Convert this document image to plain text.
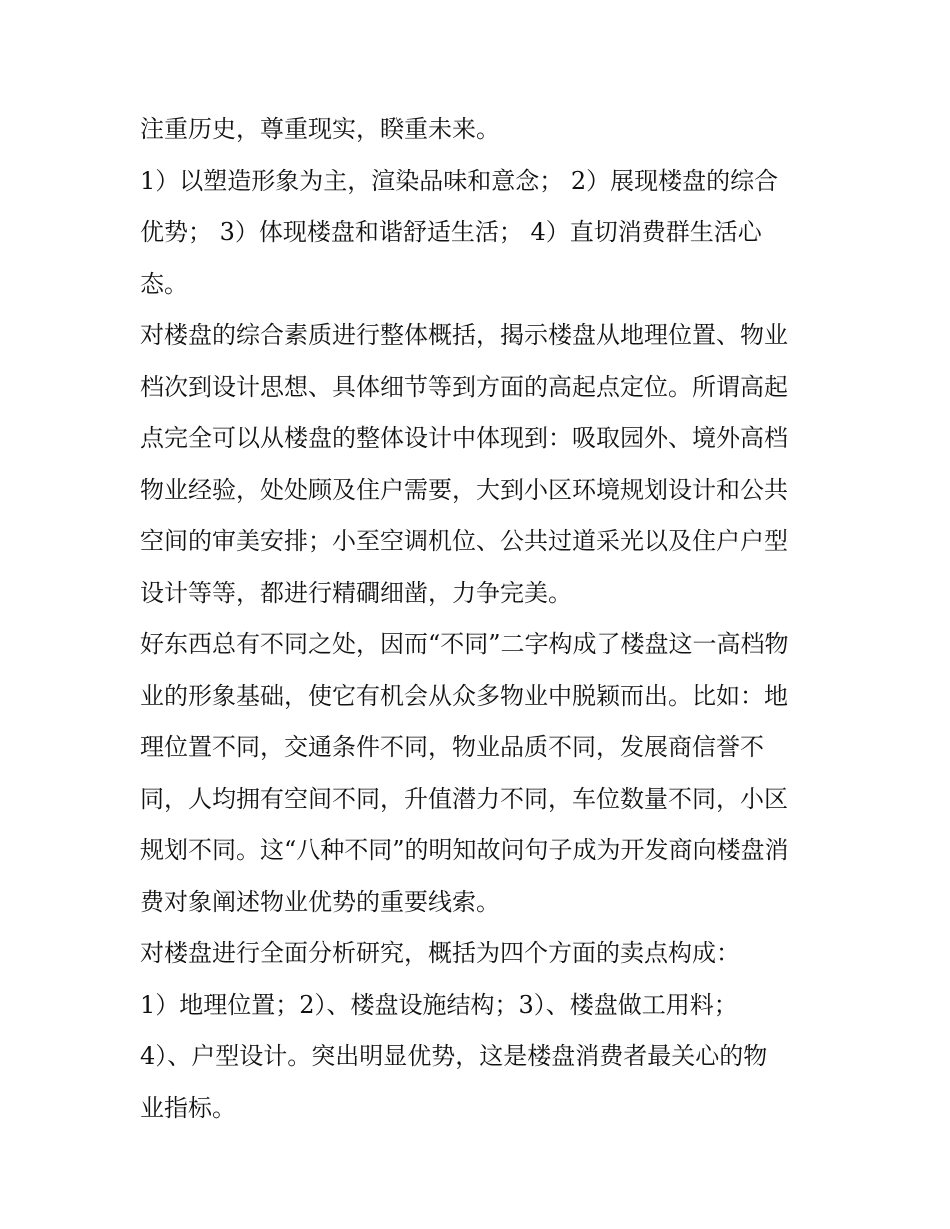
注重历史，尊重现实，睽重未来。
1）以塑造形象为主，渲染品味和意念； 2）展现楼盘的综合
优势； 3）体现楼盘和谐舒适生活； 4）直切消费群生活心
态。
对楼盘的综合素质进行整体概括，揭示楼盘从地理位置、物业
档次到设计思想、具体细节等到方面的高起点定位。所谓高起
点完全可以从楼盘的整体设计中体现到：吸取园外、境外高档
物业经验，处处顾及住户需要，大到小区环境规划设计和公共
空间的审美安排；小至空调机位、公共过道采光以及住户户型
设计等等，都进行精磵细凿，力争完美。
好东西总有不同之处，因而“不同”二字构成了楼盘这一高档物
业的形象基础，使它有机会从众多物业中脱颖而出。比如：地
理位置不同，交通条件不同，物业品质不同，发展商信誉不
同，人均拥有空间不同，升值潜力不同，车位数量不同，小区
规划不同。这“八种不同”的明知故问句子成为开发商向楼盘消
费对象阐述物业优势的重要线索。
对楼盘进行全面分析研究，概括为四个方面的卖点构成：
1）地理位置；2）、楼盘设施结构；3）、楼盘做工用料；
4）、户型设计。突出明显优势，这是楼盘消费者最关心的物
业指标。
